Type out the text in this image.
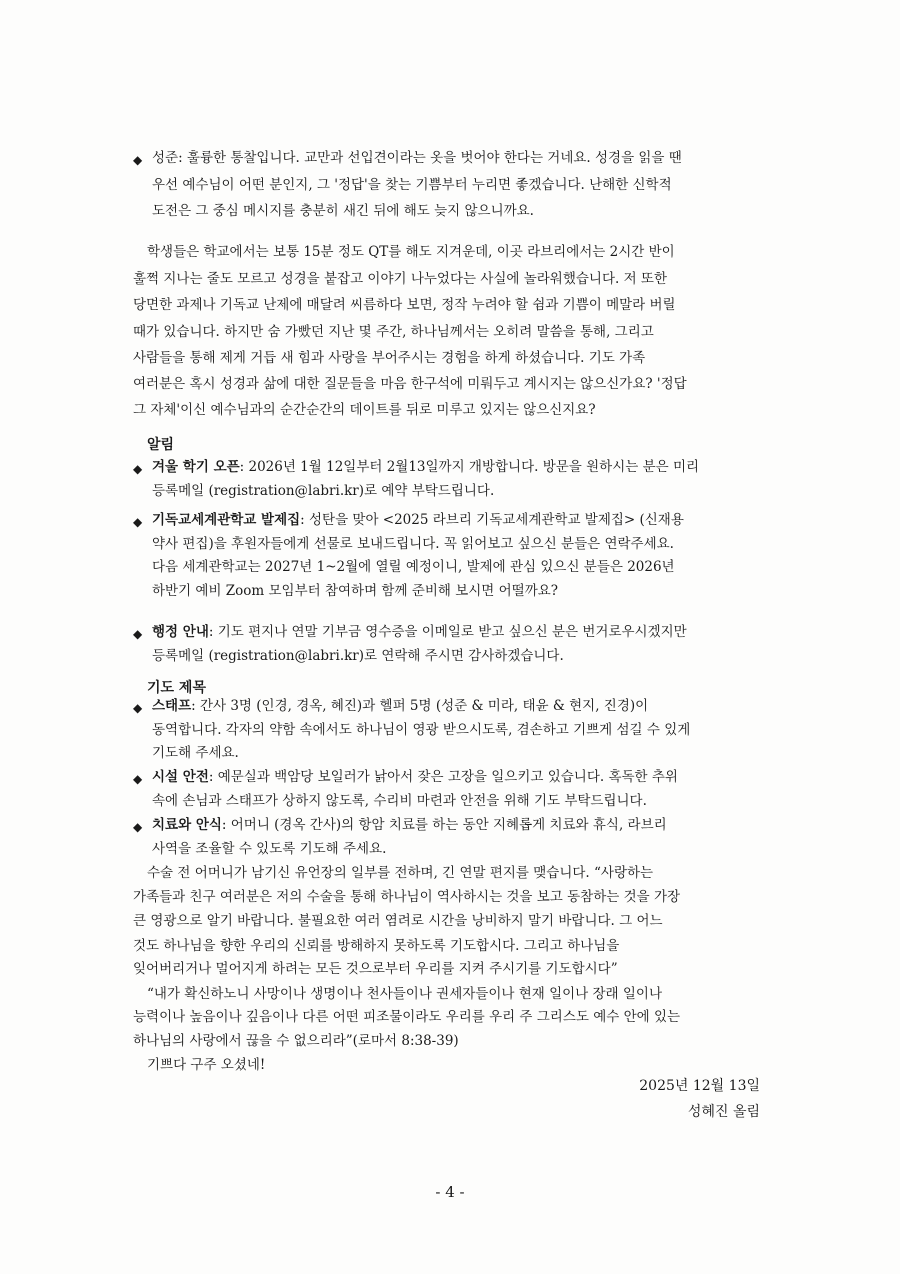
◆ 성준: 훌륭한 통찰입니다. 교만과 선입견이라는 옷을 벗어야 한다는 거네요. 성경을 읽을 땐
우선 예수님이 어떤 분인지, 그 '정답'을 찾는 기쁨부터 누리면 좋겠습니다. 난해한 신학적
도전은 그 중심 메시지를 충분히 새긴 뒤에 해도 늦지 않으니까요.
학생들은 학교에서는 보통 15분 정도 QT를 해도 지겨운데, 이곳 라브리에서는 2시간 반이
훌쩍 지나는 줄도 모르고 성경을 붙잡고 이야기 나누었다는 사실에 놀라워했습니다. 저 또한
당면한 과제나 기독교 난제에 매달려 씨름하다 보면, 정작 누려야 할 쉼과 기쁨이 메말라 버릴
때가 있습니다. 하지만 숨 가빴던 지난 몇 주간, 하나님께서는 오히려 말씀을 통해, 그리고
사람들을 통해 제게 거듭 새 힘과 사랑을 부어주시는 경험을 하게 하셨습니다. 기도 가족
여러분은 혹시 성경과 삶에 대한 질문들을 마음 한구석에 미뤄두고 계시지는 않으신가요? '정답
그 자체'이신 예수님과의 순간순간의 데이트를 뒤로 미루고 있지는 않으신지요?
알림
◆ 겨울 학기 오픈: 2026년 1월 12일부터 2월13일까지 개방합니다. 방문을 원하시는 분은 미리
등록메일 (registration@labri.kr)로 예약 부탁드립니다.
◆ 기독교세계관학교 발제집: 성탄을 맞아 <2025 라브리 기독교세계관학교 발제집> (신재용
약사 편집)을 후원자들에게 선물로 보내드립니다. 꼭 읽어보고 싶으신 분들은 연락주세요.
다음 세계관학교는 2027년 1~2월에 열릴 예정이니, 발제에 관심 있으신 분들은 2026년
하반기 예비 Zoom 모임부터 참여하며 함께 준비해 보시면 어떨까요?
◆ 행정 안내: 기도 편지나 연말 기부금 영수증을 이메일로 받고 싶으신 분은 번거로우시겠지만
등록메일 (registration@labri.kr)로 연락해 주시면 감사하겠습니다.
기도 제목
◆ 스태프: 간사 3명 (인경, 경옥, 혜진)과 헬퍼 5명 (성준 & 미라, 태윤 & 현지, 진경)이
동역합니다. 각자의 약함 속에서도 하나님이 영광 받으시도록, 겸손하고 기쁘게 섬길 수 있게
기도해 주세요.
◆ 시설 안전: 예문실과 백암당 보일러가 낡아서 잦은 고장을 일으키고 있습니다. 혹독한 추위
속에 손님과 스태프가 상하지 않도록, 수리비 마련과 안전을 위해 기도 부탁드립니다.
◆ 치료와 안식: 어머니 (경옥 간사)의 항암 치료를 하는 동안 지혜롭게 치료와 휴식, 라브리
사역을 조율할 수 있도록 기도해 주세요.
수술 전 어머니가 남기신 유언장의 일부를 전하며, 긴 연말 편지를 맺습니다. “사랑하는
가족들과 친구 여러분은 저의 수술을 통해 하나님이 역사하시는 것을 보고 동참하는 것을 가장
큰 영광으로 알기 바랍니다. 불필요한 여러 염려로 시간을 낭비하지 말기 바랍니다. 그 어느
것도 하나님을 향한 우리의 신뢰를 방해하지 못하도록 기도합시다. 그리고 하나님을
잊어버리거나 멀어지게 하려는 모든 것으로부터 우리를 지켜 주시기를 기도합시다”
“내가 확신하노니 사망이나 생명이나 천사들이나 권세자들이나 현재 일이나 장래 일이나
능력이나 높음이나 깊음이나 다른 어떤 피조물이라도 우리를 우리 주 그리스도 예수 안에 있는
하나님의 사랑에서 끊을 수 없으리라”(로마서 8:38-39)
기쁘다 구주 오셨네!
2025년 12월 13일
성혜진 올림
- 4 -
